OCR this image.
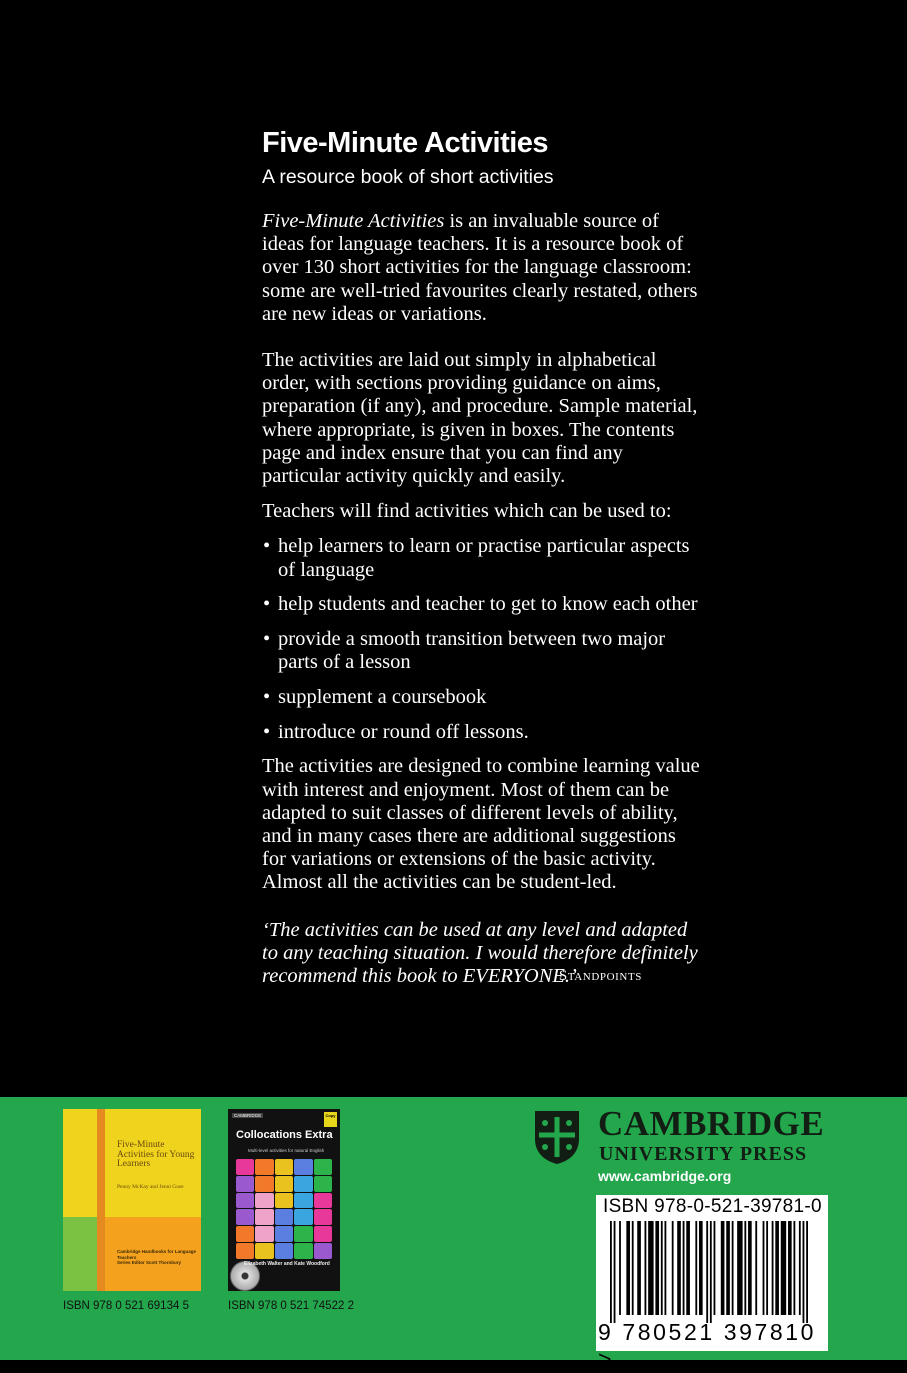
Five-Minute Activities

A resource book of short activities

Five-Minute Activities is an invaluable source of ideas for language teachers. It is a resource book of over 130 short activities for the language classroom: some are well-tried favourites clearly restated, others are new ideas or variations.

The activities are laid out simply in alphabetical order, with sections providing guidance on aims, preparation (if any), and procedure. Sample material, where appropriate, is given in boxes. The contents page and index ensure that you can find any particular activity quickly and easily.

Teachers will find activities which can be used to:

• help learners to learn or practise particular aspects of language
• help students and teacher to get to know each other
• provide a smooth transition between two major parts of a lesson
• supplement a coursebook
• introduce or round off lessons.

The activities are designed to combine learning value with interest and enjoyment. Most of them can be adapted to suit classes of different levels of ability, and in many cases there are additional suggestions for variations or extensions of the basic activity. Almost all the activities can be student-led.

‘The activities can be used at any level and adapted to any teaching situation. I would therefore definitely recommend this book to EVERYONE.’
Standpoints
Five-Minute Activities for Young Learners
Penny McKay and Jenni Guse
Cambridge Handbooks for Language Teachers
Series Editor Scott Thornbury
ISBN 978 0 521 69134 5
CAMBRIDGE	Copy
Collocations Extra
Multi-level activities for natural English
Elizabeth Walter and Kate Woodford
ISBN 978 0 521 74522 2
CAMBRIDGE
UNIVERSITY PRESS
www.cambridge.org
ISBN 978-0-521-39781-0
9 780521 397810 >
